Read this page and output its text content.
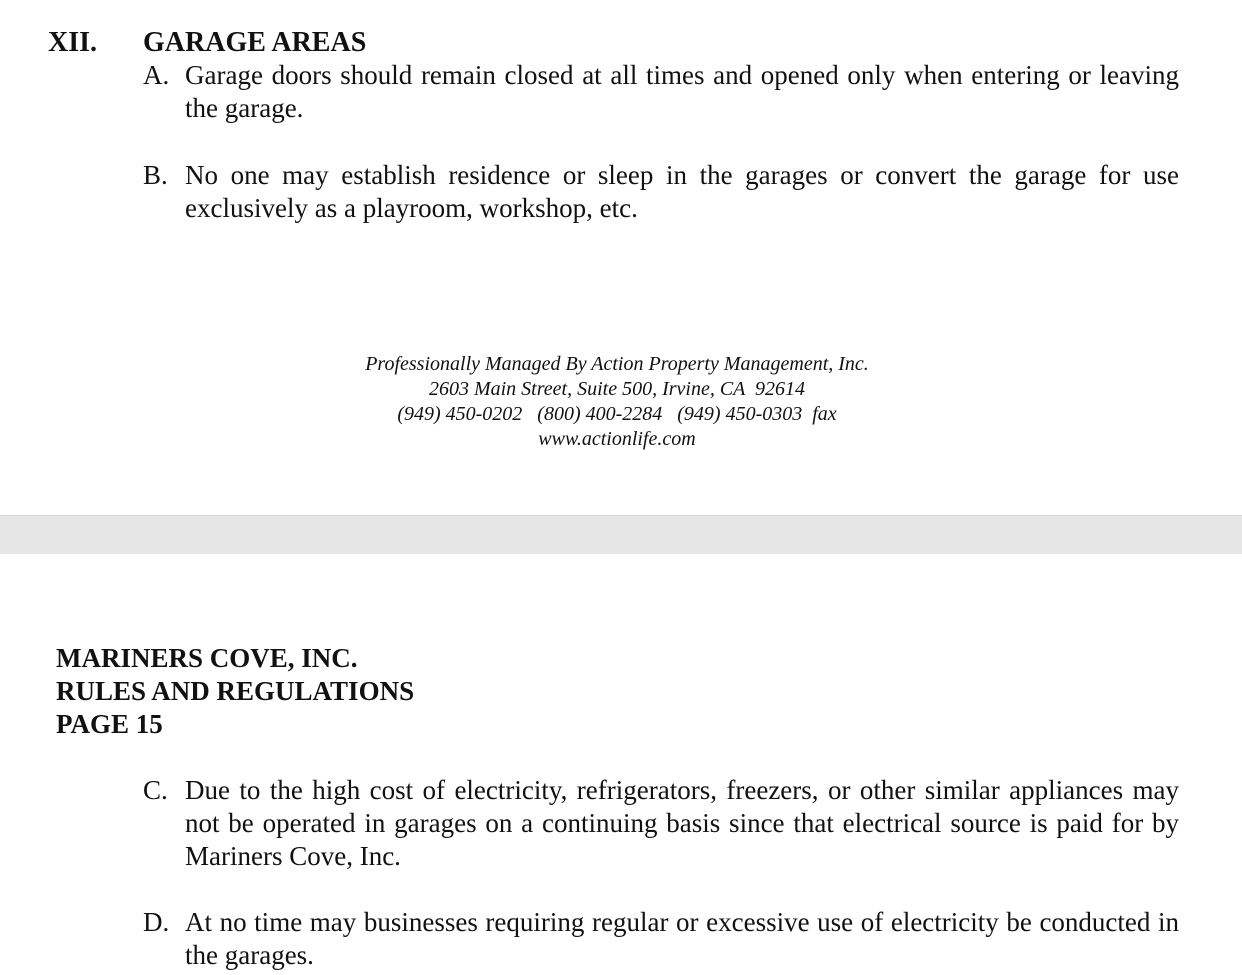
XII. GARAGE AREAS
A. Garage doors should remain closed at all times and opened only when entering or leaving the garage.
B. No one may establish residence or sleep in the garages or convert the garage for use exclusively as a playroom, workshop, etc.
Professionally Managed By Action Property Management, Inc.
2603 Main Street, Suite 500, Irvine, CA  92614
(949) 450-0202   (800) 400-2284   (949) 450-0303  fax
www.actionlife.com
MARINERS COVE, INC.
RULES AND REGULATIONS
PAGE 15
C. Due to the high cost of electricity, refrigerators, freezers, or other similar appliances may not be operated in garages on a continuing basis since that electrical source is paid for by Mariners Cove, Inc.
D. At no time may businesses requiring regular or excessive use of electricity be conducted in the garages.
